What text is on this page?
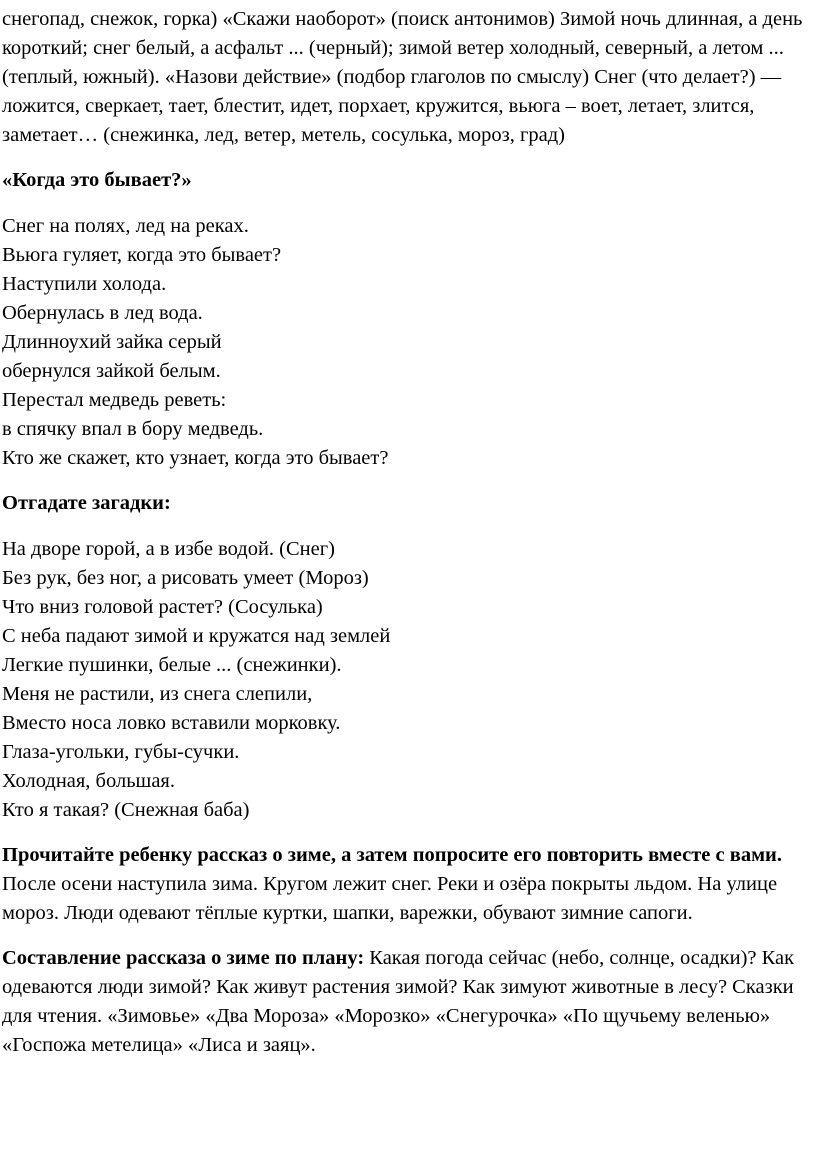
снегопад, снежок, горка) «Скажи наоборот» (поиск антонимов) Зимой ночь длинная, а день короткий; снег белый, а асфальт ... (черный); зимой ветер холодный, северный, а летом ... (теплый, южный). «Назови действие» (подбор глаголов по смыслу) Снег (что делает?) — ложится, сверкает, тает, блестит, идет, порхает, кружится, вьюга – воет, летает, злится, заметает… (снежинка, лед, ветер, метель, сосулька, мороз, град)

«Когда это бывает?»

Снег на полях, лед на реках.
Вьюга гуляет, когда это бывает?
Наступили холода.
Обернулась в лед вода.
Длинноухий зайка серый
обернулся зайкой белым.
Перестал медведь реветь:
в спячку впал в бору медведь.
Кто же скажет, кто узнает, когда это бывает?

Отгадате загадки:

На дворе горой, а в избе водой. (Снег)
Без рук, без ног, а рисовать умеет (Мороз)
Что вниз головой растет? (Сосулька)
С неба падают зимой и кружатся над землей
Легкие пушинки, белые ... (снежинки).
Меня не растили, из снега слепили,
Вместо носа ловко вставили морковку.
Глаза-угольки, губы-сучки.
Холодная, большая.
Кто я такая? (Снежная баба)

Прочитайте ребенку рассказ о зиме, а затем попросите его повторить вместе с вами. После осени наступила зима. Кругом лежит снег. Реки и озёра покрыты льдом. На улице мороз. Люди одевают тёплые куртки, шапки, варежки, обувают зимние сапоги.

Составление рассказа о зиме по плану: Какая погода сейчас (небо, солнце, осадки)? Как одеваются люди зимой? Как живут растения зимой? Как зимуют животные в лесу? Сказки для чтения. «Зимовье» «Два Мороза» «Морозко» «Снегурочка» «По щучьему веленью» «Госпожа метелица» «Лиса и заяц».
